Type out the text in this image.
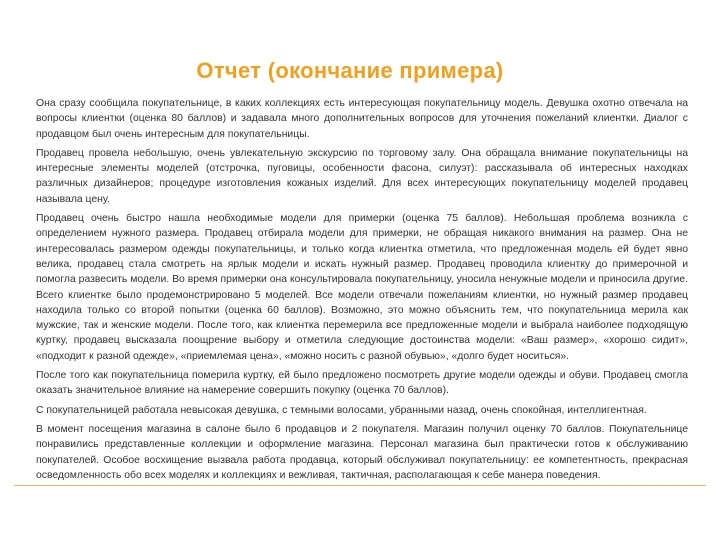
Отчет (окончание примера)

Она сразу сообщила покупательнице, в каких коллекциях есть интересующая покупательницу модель. Девушка охотно отвечала на вопросы клиентки (оценка 80 баллов) и задавала много дополнительных вопросов для уточнения пожеланий клиентки. Диалог с продавцом был очень интересным для покупательницы.

Продавец провела небольшую, очень увлекательную экскурсию по торговому залу. Она обращала внимание покупательницы на интересные элементы моделей (отстрочка, пуговицы, особенности фасона, силуэт): рассказывала об интересных находках различных дизайнеров; процедуре изготовления кожаных изделий. Для всех интересующих покупательницу моделей продавец называла цену.

Продавец очень быстро нашла необходимые модели для примерки (оценка 75 баллов). Небольшая проблема возникла с определением нужного размера. Продавец отбирала модели для примерки, не обращая никакого внимания на размер. Она не интересовалась размером одежды покупательницы, и только когда клиентка отметила, что предложенная модель ей будет явно велика, продавец стала смотреть на ярлык модели и искать нужный размер. Продавец проводила клиентку до примерочной и помогла развесить модели. Во время примерки она консультировала покупательницу, уносила ненужные модели и приносила другие. Всего клиентке было продемонстрировано 5 моделей. Все модели отвечали пожеланиям клиентки, но нужный размер продавец находила только со второй попытки (оценка 60 баллов). Возможно, это можно объяснить тем, что покупательница мерила как мужские, так и женские модели. После того, как клиентка перемерила все предложенные модели и выбрала наиболее подходящую куртку, продавец высказала поощрение выбору и отметила следующие достоинства модели: «Ваш размер», «хорошо сидит», «подходит к разной одежде», «приемлемая цена», «можно носить с разной обувью», «долго будет носиться».

После того как покупательница померила куртку, ей было предложено посмотреть другие модели одежды и обуви. Продавец смогла оказать значительное влияние на намерение совершить покупку (оценка 70 баллов).

С покупательницей работала невысокая девушка, с темными волосами, убранными назад, очень спокойная, интеллигентная.

В момент посещения магазина в салоне было 6 продавцов и 2 покупателя. Магазин получил оценку 70 баллов. Покупательнице понравились представленные коллекции и оформление магазина. Персонал магазина был практически готов к обслуживанию покупателей. Особое восхищение вызвала работа продавца, который обслуживал покупательницу: ее компетентность, прекрасная осведомленность обо всех моделях и коллекциях и вежливая, тактичная, располагающая к себе манера поведения.
